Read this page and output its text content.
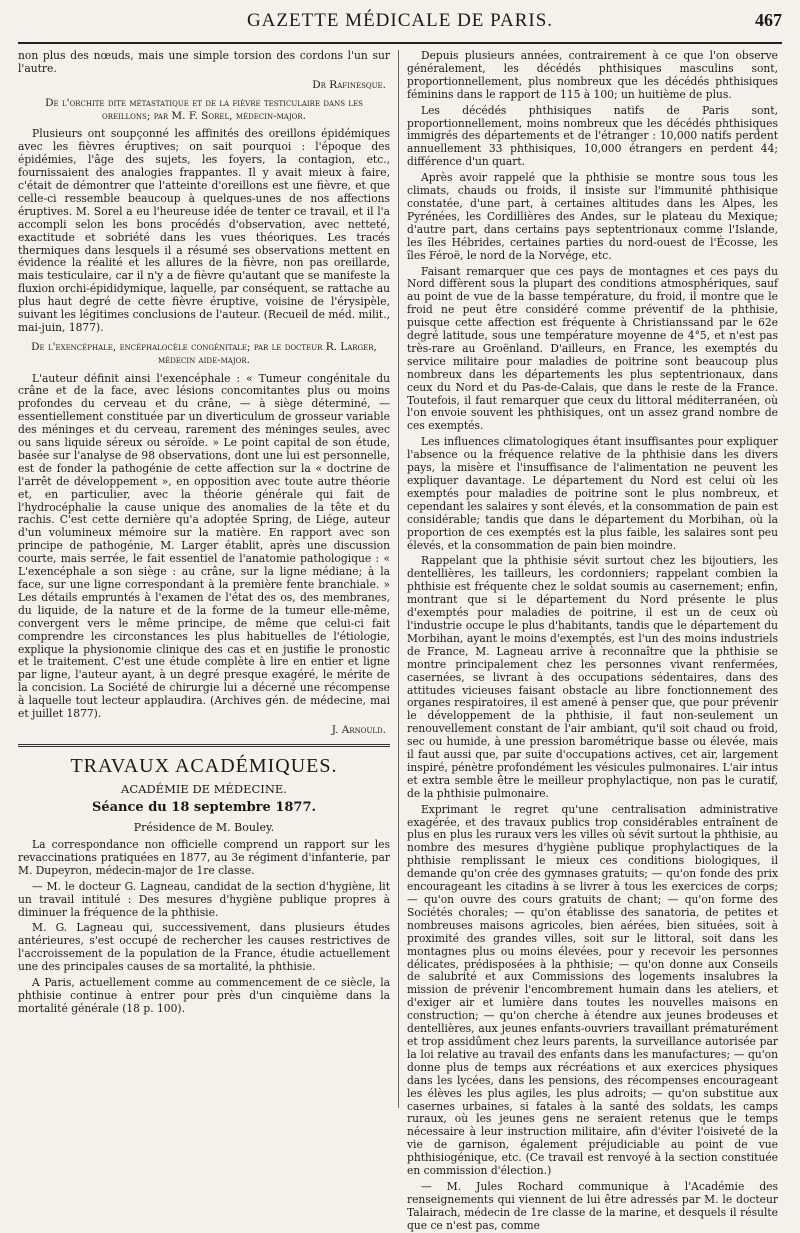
GAZETTE MÉDICALE DE PARIS.	467

non plus des nœuds, mais une simple torsion des cordons l'un sur l'autre.

Dr Rafinesque.
De l'orchite dite métastatique et de la fièvre testiculaire dans les oreillons; par M. F. Sorel, médecin-major.

Plusieurs ont soupçonné les affinités des oreillons épidémiques avec les fièvres éruptives; on sait pourquoi : l'époque des épidémies, l'âge des sujets, les foyers, la contagion, etc., fournissaient des analogies frappantes. Il y avait mieux à faire, c'était de démontrer que l'atteinte d'oreillons est une fièvre, et que celle-ci ressemble beaucoup à quelques-unes de nos affections éruptives. M. Sorel a eu l'heureuse idée de tenter ce travail, et il l'a accompli selon les bons procédés d'observation, avec netteté, exactitude et sobriété dans les vues théoriques. Les tracés thermiques dans lesquels il a résumé ses observations mettent en évidence la réalité et les allures de la fièvre, non pas oreillarde, mais testiculaire, car il n'y a de fièvre qu'autant que se manifeste la fluxion orchi-épididymique, laquelle, par conséquent, se rattache au plus haut degré de cette fièvre éruptive, voisine de l'érysipèle, suivant les légitimes conclusions de l'auteur. (Recueil de méd. milit., mai-juin, 1877).

De l'exencéphale, encéphalocèle congénitale; par le docteur R. Larger, médecin aide-major.

L'auteur définit ainsi l'exencéphale : « Tumeur congénitale du crâne et de la face, avec lésions concomitantes plus ou moins profondes du cerveau et du crâne, — à siège déterminé, — essentiellement constituée par un diverticulum de grosseur variable des méninges et du cerveau, rarement des méninges seules, avec ou sans liquide séreux ou séroïde. » Le point capital de son étude, basée sur l'analyse de 98 observations, dont une lui est personnelle, est de fonder la pathogénie de cette affection sur la « doctrine de l'arrêt de développement », en opposition avec toute autre théorie et, en particulier, avec la théorie générale qui fait de l'hydrocéphalie la cause unique des anomalies de la tête et du rachis. C'est cette dernière qu'a adoptée Spring, de Liége, auteur d'un volumineux mémoire sur la matière. En rapport avec son principe de pathogénie, M. Larger établit, après une discussion courte, mais serrée, le fait essentiel de l'anatomie pathologique : « L'exencéphale a son siège : au crâne, sur la ligne médiane; à la face, sur une ligne correspondant à la première fente branchiale. » Les détails empruntés à l'examen de l'état des os, des membranes, du liquide, de la nature et de la forme de la tumeur elle-même, convergent vers le même principe, de même que celui-ci fait comprendre les circonstances les plus habituelles de l'étiologie, explique la physionomie clinique des cas et en justifie le pronostic et le traitement. C'est une étude complète à lire en entier et ligne par ligne, l'auteur ayant, à un degré presque exagéré, le mérite de la concision. La Société de chirurgie lui a décerné une récompense à laquelle tout lecteur applaudira. (Archives gén. de médecine, mai et juillet 1877).

J. Arnould.
TRAVAUX ACADÉMIQUES.
ACADÉMIE DE MÉDECINE.
Séance du 18 septembre 1877.
Présidence de M. Bouley.

La correspondance non officielle comprend un rapport sur les revaccinations pratiquées en 1877, au 3e régiment d'infanterie, par M. Dupeyron, médecin-major de 1re classe.

— M. le docteur G. Lagneau, candidat de la section d'hygiène, lit un travail intitulé : Des mesures d'hygiène publique propres à diminuer la fréquence de la phthisie.

M. G. Lagneau qui, successivement, dans plusieurs études antérieures, s'est occupé de rechercher les causes restrictives de l'accroissement de la population de la France, étudie actuellement une des principales causes de sa mortalité, la phthisie.

A Paris, actuellement comme au commencement de ce siècle, la phthisie continue à entrer pour près d'un cinquième dans la mortalité générale (18 p. 100).

Depuis plusieurs années, contrairement à ce que l'on observe généralement, les décédés phthisiques masculins sont, proportionnellement, plus nombreux que les décédés phthisiques féminins dans le rapport de 115 à 100; un huitième de plus.

Les décédés phthisiques natifs de Paris sont, proportionnellement, moins nombreux que les décédés phthisiques immigrés des départements et de l'étranger : 10,000 natifs perdent annuellement 33 phthisiques, 10,000 étrangers en perdent 44; différence d'un quart.

Après avoir rappelé que la phthisie se montre sous tous les climats, chauds ou froids, il insiste sur l'immunité phthisique constatée, d'une part, à certaines altitudes dans les Alpes, les Pyrénées, les Cordillières des Andes, sur le plateau du Mexique; d'autre part, dans certains pays septentrionaux comme l'Islande, les îles Hébrides, certaines parties du nord-ouest de l'Écosse, les îles Féroë, le nord de la Norvége, etc.

Faisant remarquer que ces pays de montagnes et ces pays du Nord diffèrent sous la plupart des conditions atmosphériques, sauf au point de vue de la basse température, du froid, il montre que le froid ne peut être considéré comme préventif de la phthisie, puisque cette affection est fréquente à Christianssand par le 62e degré latitude, sous une température moyenne de 4°5, et n'est pas très-rare au Groënland. D'ailleurs, en France, les exemptés du service militaire pour maladies de poitrine sont beaucoup plus nombreux dans les départements les plus septentrionaux, dans ceux du Nord et du Pas-de-Calais, que dans le reste de la France. Toutefois, il faut remarquer que ceux du littoral méditerranéen, où l'on envoie souvent les phthisiques, ont un assez grand nombre de ces exemptés.

Les influences climatologiques étant insuffisantes pour expliquer l'absence ou la fréquence relative de la phthisie dans les divers pays, la misère et l'insuffisance de l'alimentation ne peuvent les expliquer davantage. Le département du Nord est celui où les exemptés pour maladies de poitrine sont le plus nombreux, et cependant les salaires y sont élevés, et la consommation de pain est considérable; tandis que dans le département du Morbihan, où la proportion de ces exemptés est la plus faible, les salaires sont peu élevés, et la consommation de pain bien moindre.

Rappelant que la phthisie sévit surtout chez les bijoutiers, les dentellières, les tailleurs, les cordonniers; rappelant combien la phthisie est fréquente chez le soldat soumis au casernement; enfin, montrant que si le département du Nord présente le plus d'exemptés pour maladies de poitrine, il est un de ceux où l'industrie occupe le plus d'habitants, tandis que le département du Morbihan, ayant le moins d'exemptés, est l'un des moins industriels de France, M. Lagneau arrive à reconnaître que la phthisie se montre principalement chez les personnes vivant renfermées, casernées, se livrant à des occupations sédentaires, dans des attitudes vicieuses faisant obstacle au libre fonctionnement des organes respiratoires, il est amené à penser que, que pour prévenir le développement de la phthisie, il faut non-seulement un renouvellement constant de l'air ambiant, qu'il soit chaud ou froid, sec ou humide, à une pression barométrique basse ou élevée, mais il faut aussi que, par suite d'occupations actives, cet air, largement inspiré, pénètre profondément les vésicules pulmonaires. L'air intus et extra semble être le meilleur prophylactique, non pas le curatif, de la phthisie pulmonaire.

Exprimant le regret qu'une centralisation administrative exagérée, et des travaux publics trop considérables entraînent de plus en plus les ruraux vers les villes où sévit surtout la phthisie, au nombre des mesures d'hygiène publique prophylactiques de la phthisie remplissant le mieux ces conditions biologiques, il demande qu'on crée des gymnases gratuits; — qu'on fonde des prix encourageant les citadins à se livrer à tous les exercices de corps; — qu'on ouvre des cours gratuits de chant; — qu'on forme des Sociétés chorales; — qu'on établisse des sanatoria, de petites et nombreuses maisons agricoles, bien aérées, bien situées, soit à proximité des grandes villes, soit sur le littoral, soit dans les montagnes plus ou moins élevées, pour y recevoir les personnes délicates, prédisposées à la phthisie; — qu'on donne aux Conseils de salubrité et aux Commissions des logements insalubres la mission de prévenir l'encombrement humain dans les ateliers, et d'exiger air et lumière dans toutes les nouvelles maisons en construction; — qu'on cherche à étendre aux jeunes brodeuses et dentellières, aux jeunes enfants-ouvriers travaillant prématurément et trop assidûment chez leurs parents, la surveillance autorisée par la loi relative au travail des enfants dans les manufactures; — qu'on donne plus de temps aux récréations et aux exercices physiques dans les lycées, dans les pensions, des récompenses encourageant les élèves les plus agiles, les plus adroits; — qu'on substitue aux casernes urbaines, si fatales à la santé des soldats, les camps ruraux, où les jeunes gens ne seraient retenus que le temps nécessaire à leur instruction militaire, afin d'éviter l'oisiveté de la vie de garnison, également préjudiciable au point de vue phthisiogénique, etc. (Ce travail est renvoyé à la section constituée en commission d'élection.)

— M. Jules Rochard communique à l'Académie des renseignements qui viennent de lui être adressés par M. le docteur Talairach, médecin de 1re classe de la marine, et desquels il résulte que ce n'est pas, comme
